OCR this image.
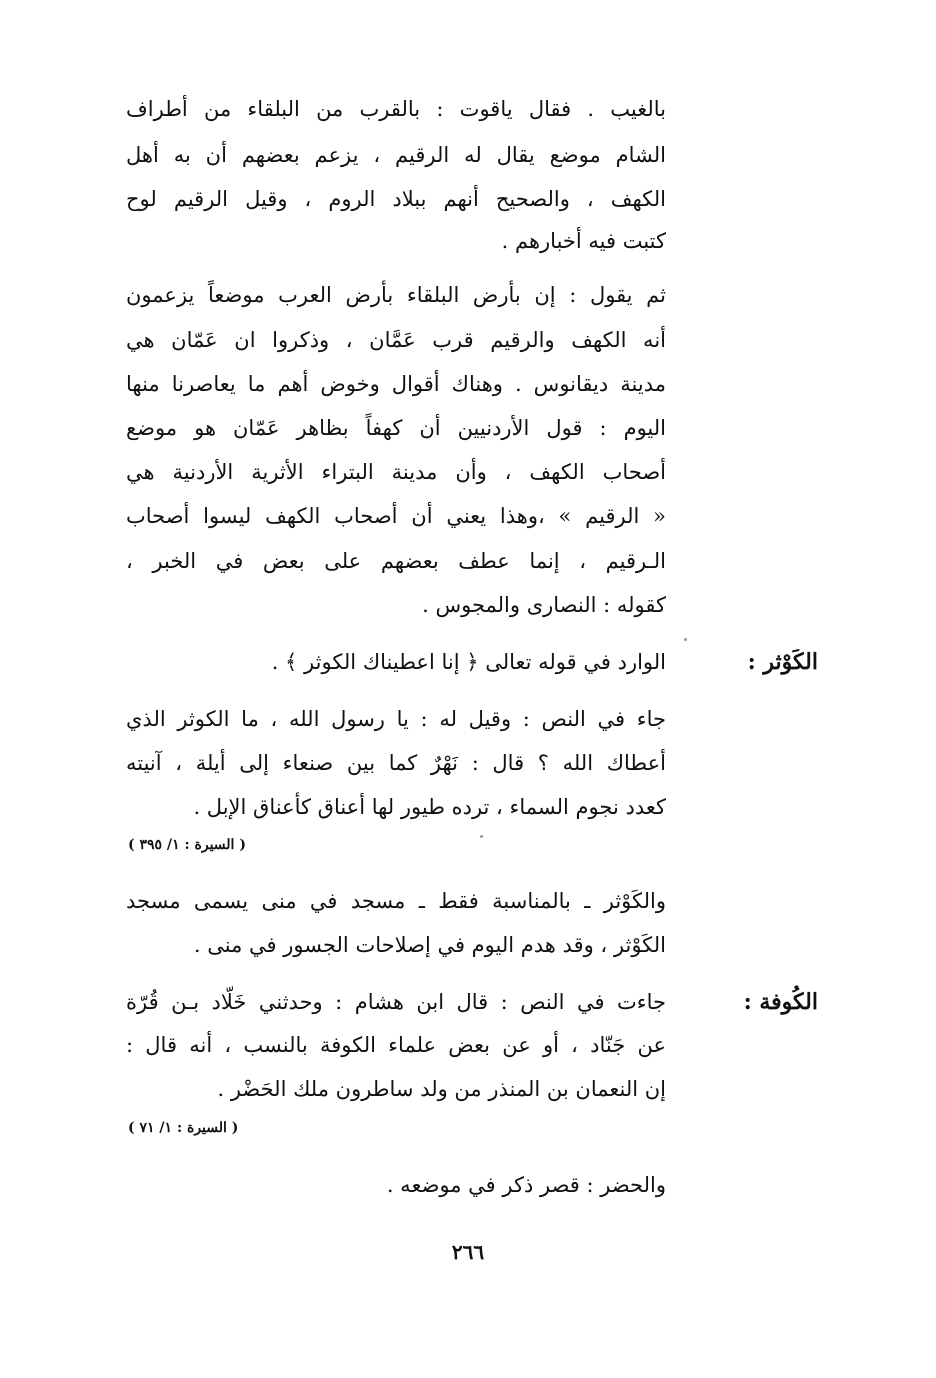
بالغيب . فقال ياقوت : بالقرب من البلقاء من أطراف
الشام موضع يقال له الرقيم ، يزعم بعضهم أن به أهل
الكهف ، والصحيح أنهم ببلاد الروم ، وقيل الرقيم لوح
كتبت فيه أخبارهم .
ثم يقول : إن بأرض البلقاء بأرض العرب موضعاً يزعمون
أنه الكهف والرقيم قرب عَمَّان ، وذكروا ان عَمّان هي
مدينة ديقانوس . وهناك أقوال وخوض أهم ما يعاصرنا منها
اليوم : قول الأردنيين أن كهفاً بظاهر عَمّان هو موضع
أصحاب الكهف ، وأن مدينة البتراء الأثرية الأردنية هي
« الرقيم » ،وهذا يعني أن أصحاب الكهف ليسوا أصحاب
الـرقيم ، إنما عطف بعضهم على بعض في الخبر ،
كقوله : النصارى والمجوس .
الكَوْثر :
الوارد في قوله تعالى ﴿ إنا اعطيناك الكوثر ﴾ .
جاء في النص : وقيل له : يا رسول الله ، ما الكوثر الذي
أعطاك الله ؟ قال : نَهْرٌ كما بين صنعاء إلى أيلة ، آنيته
كعدد نجوم السماء ، ترده طيور لها أعناق كأعناق الإبل .
( السيرة : ١/ ٣٩٥ )
والكَوْثر ـ بالمناسبة فقط ـ مسجد في منى يسمى مسجد
الكَوْثر ، وقد هدم اليوم في إصلاحات الجسور في منى .
الكُوفة :
جاءت في النص : قال ابن هشام : وحدثني خَلّاد بـن قُرّة
عن جَنّاد ، أو عن بعض علماء الكوفة بالنسب ، أنه قال :
إن النعمان بن المنذر من ولد ساطرون ملك الحَضْر .
( السيرة : ١/ ٧١ )
والحضر : قصر ذكر في موضعه .
٢٦٦
